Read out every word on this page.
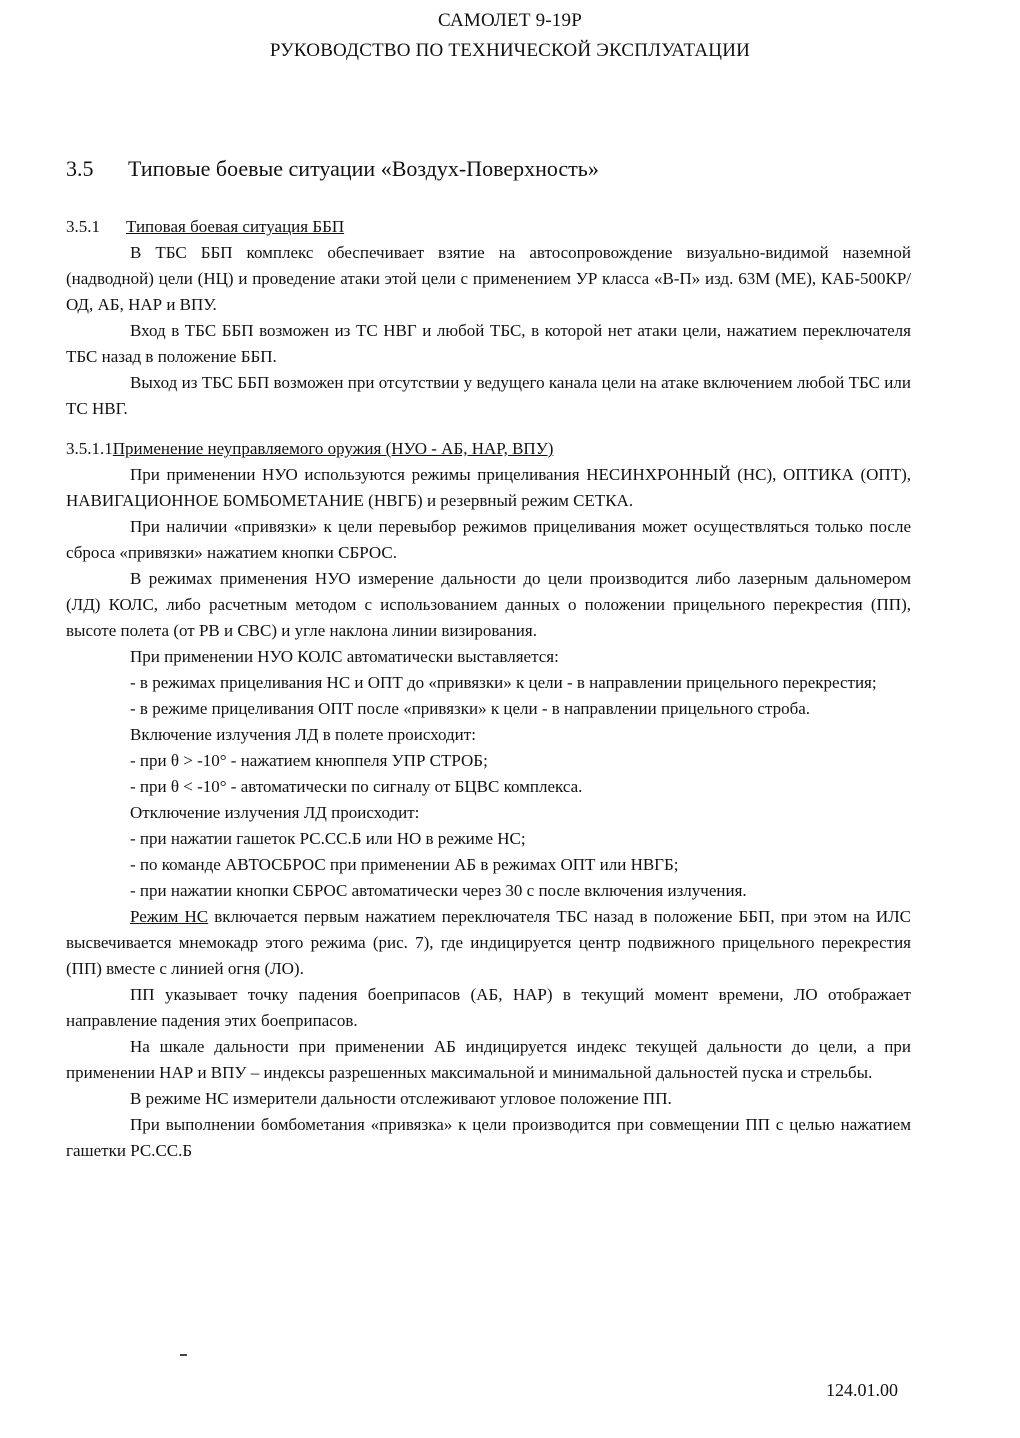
САМОЛЕТ 9-19Р
РУКОВОДСТВО ПО ТЕХНИЧЕСКОЙ ЭКСПЛУАТАЦИИ
3.5 Типовые боевые ситуации «Воздух-Поверхность»
3.5.1 Типовая боевая ситуация ББП

В ТБС ББП комплекс обеспечивает взятие на автосопровождение визуально-видимой наземной (надводной) цели (НЦ) и проведение атаки этой цели с применением УР класса «В-П» изд. 63М (МЕ), КАБ-500КР/ОД, АБ, НАР и ВПУ.

Вход в ТБС ББП возможен из ТС НВГ и любой ТБС, в которой нет атаки цели, нажатием переключателя ТБС назад в положение ББП.

Выход из ТБС ББП возможен при отсутствии у ведущего канала цели на атаке включением любой ТБС или ТС НВГ.

3.5.1.1Применение неуправляемого оружия (НУО - АБ, НАР, ВПУ)

При применении НУО используются режимы прицеливания НЕСИНХРОННЫЙ (НС), ОПТИКА (ОПТ), НАВИГАЦИОННОЕ БОМБОМЕТАНИЕ (НВГБ) и резервный режим СЕТКА.

При наличии «привязки» к цели перевыбор режимов прицеливания может осуществляться только после сброса «привязки» нажатием кнопки СБРОС.

В режимах применения НУО измерение дальности до цели производится либо лазерным дальномером (ЛД) КОЛС, либо расчетным методом с использованием данных о положении прицельного перекрестия (ПП), высоте полета (от РВ и СВС) и угле наклона линии визирования.

При применении НУО КОЛС автоматически выставляется:

- в режимах прицеливания НС и ОПТ до «привязки» к цели - в направлении прицельного перекрестия;

- в режиме прицеливания ОПТ после «привязки» к цели - в направлении прицельного строба.

Включение излучения ЛД в полете происходит:

- при θ > -10° - нажатием кнюппеля УПР СТРОБ;

- при θ < -10° - автоматически по сигналу от БЦВС комплекса.

Отключение излучения ЛД происходит:

- при нажатии гашеток РС.СС.Б или НО в режиме НС;

- по команде АВТОСБРОС при применении АБ в режимах ОПТ или НВГБ;

- при нажатии кнопки СБРОС автоматически через 30 с после включения излучения.

Режим НС включается первым нажатием переключателя ТБС назад в положение ББП, при этом на ИЛС высвечивается мнемокадр этого режима (рис. 7), где индицируется центр подвижного прицельного перекрестия (ПП) вместе с линией огня (ЛО).

ПП указывает точку падения боеприпасов (АБ, НАР) в текущий момент времени, ЛО отображает направление падения этих боеприпасов.

На шкале дальности при применении АБ индицируется индекс текущей дальности до цели, а при применении НАР и ВПУ – индексы разрешенных максимальной и минимальной дальностей пуска и стрельбы.

В режиме НС измерители дальности отслеживают угловое положение ПП.

При выполнении бомбометания «привязка» к цели производится при совмещении ПП с целью нажатием гашетки РС.СС.Б

124.01.00
